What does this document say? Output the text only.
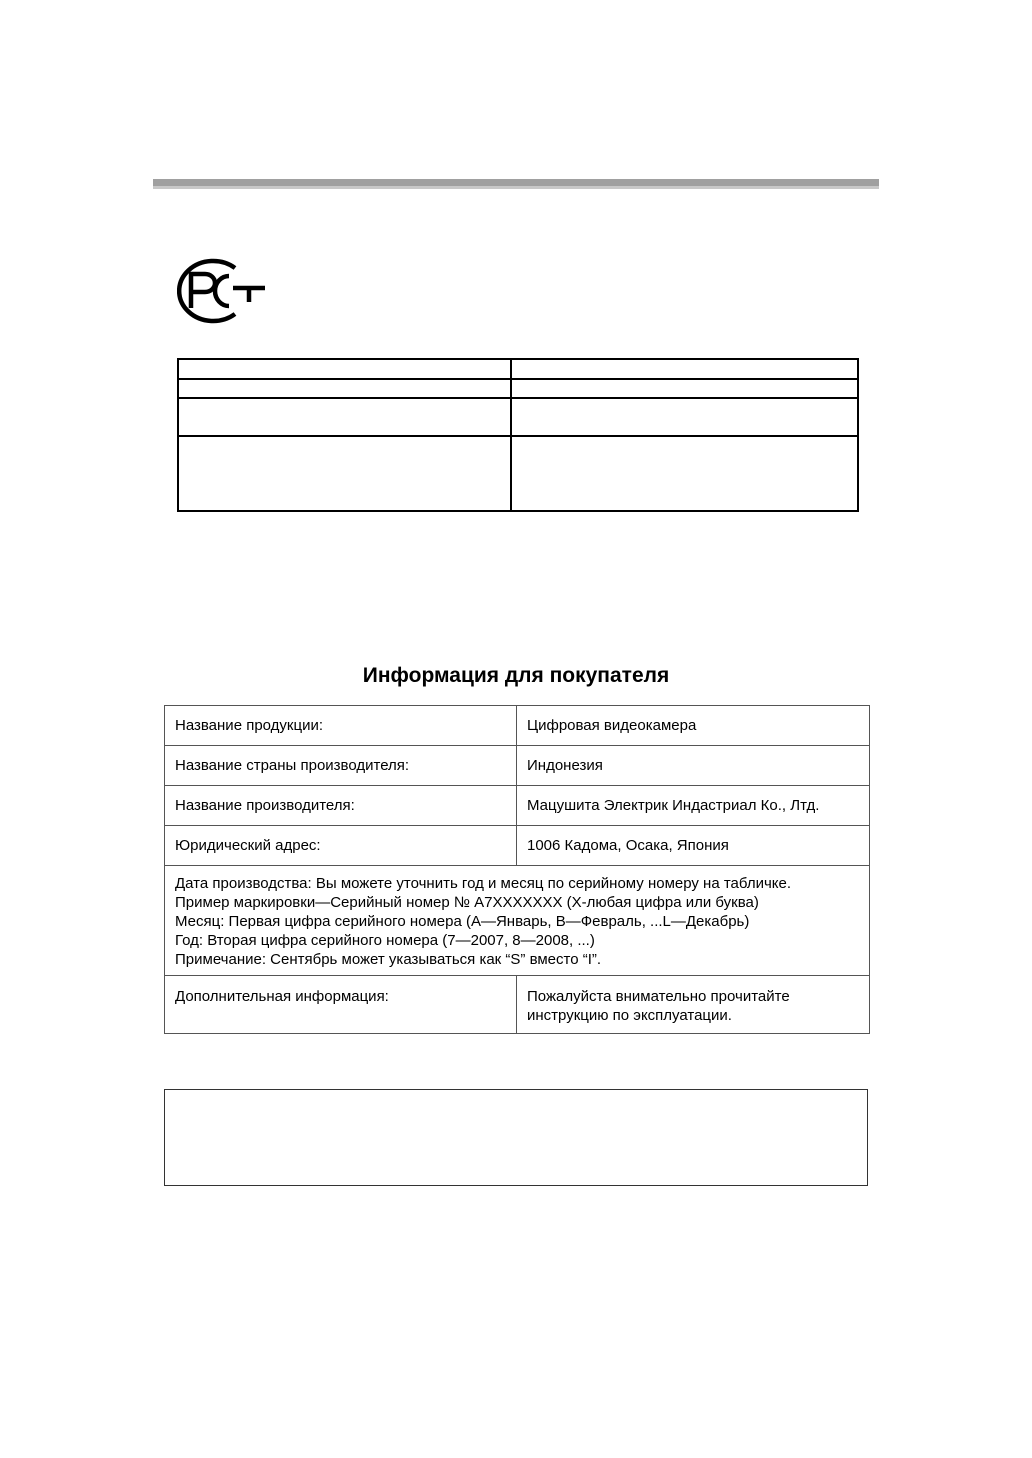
Информация для покупателя
Название продукции:	Цифровая видеокамера
Название страны производителя:	Индонезия
Название производителя:	Мацушита Электрик Индастриал Ко., Лтд.
Юридический адрес:	1006 Кадома, Осака, Япония

Дата производства: Вы можете уточнить год и месяц по серийному номеру на табличке.
Пример маркировки—Серийный номер № A7XXXXXXX (X-любая цифра или буква)
Месяц: Первая цифра серийного номера (A—Январь, B—Февраль, ...L—Декабрь)
Год: Вторая цифра серийного номера (7—2007, 8—2008, ...)
Примечание: Сентябрь может указываться как “S” вместо “I”.	

Дополнительная информация:	Пожалуйста внимательно прочитайте
инструкцию по эксплуатации.
